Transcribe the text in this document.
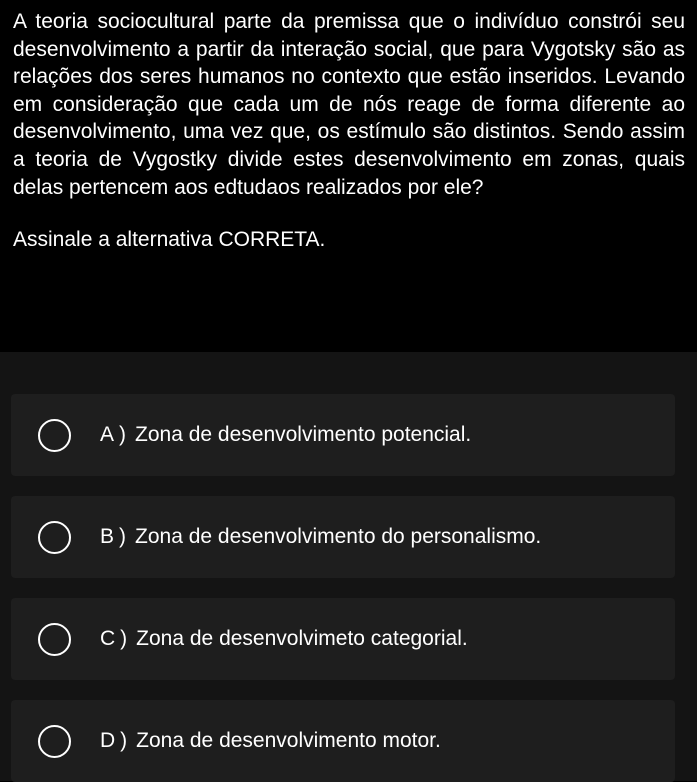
A teoria sociocultural parte da premissa que o indivíduo constrói seu desenvolvimento a partir da interação social, que para Vygotsky são as relações dos seres humanos no contexto que estão inseridos. Levando em consideração que cada um de nós reage de forma diferente ao desenvolvimento, uma vez que, os estímulo são distintos. Sendo assim a teoria de Vygostky divide estes desenvolvimento em zonas, quais delas pertencem aos edtudaos realizados por ele?

Assinale a alternativa CORRETA.

A ) Zona de desenvolvimento potencial.
B ) Zona de desenvolvimento do personalismo.
C ) Zona de desenvolvimeto categorial.
D ) Zona de desenvolvimento motor.
